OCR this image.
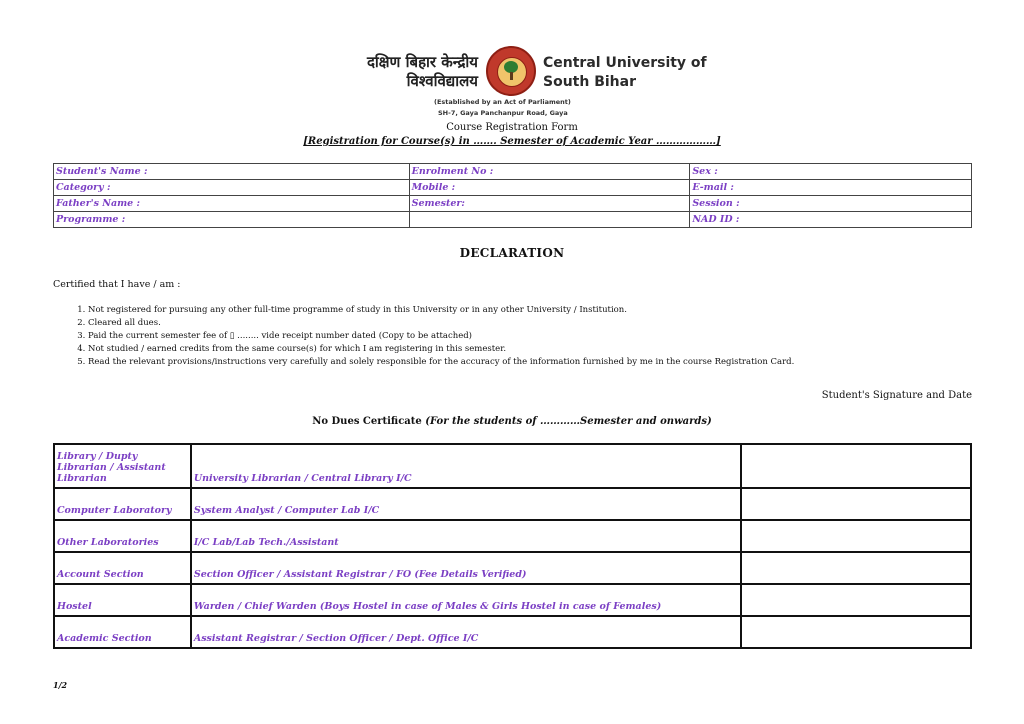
दक्षिण बिहार केन्द्रीय
विश्वविद्यालय
Central University of
South Bihar
(Established by an Act of Parliament)
SH-7, Gaya Panchanpur Road, Gaya
Course Registration Form
[Registration for Course(s) in ……. Semester of Academic Year ………………]
Student's Name :	Enrolment No :	Sex :
Category :	Mobile :	E-mail :
Father's Name :	Semester:	Session :
Programme :		NAD ID :
DECLARATION
Certified that I have / am :
1. Not registered for pursuing any other full-time programme of study in this University or in any other University / Institution.
2. Cleared all dues.
3. Paid the current semester fee of ▯ ........ vide receipt number dated (Copy to be attached)
4. Not studied / earned credits from the same course(s) for which I am registering in this semester.
5. Read the relevant provisions/instructions very carefully and solely responsible for the accuracy of the information furnished by me in the course Registration Card.
Student's Signature and Date
No Dues Certificate (For the students of …………Semester and onwards)
Library / Dupty Librarian / Assistant Librarian	University Librarian / Central Library I/C	
Computer Laboratory	System Analyst / Computer Lab I/C	
Other Laboratories	I/C Lab/Lab Tech./Assistant	
Account Section	Section Officer / Assistant Registrar / FO (Fee Details Verified)	
Hostel	Warden / Chief Warden (Boys Hostel in case of Males & Girls Hostel in case of Females)	
Academic Section	Assistant Registrar / Section Officer / Dept. Office I/C	
1/2
